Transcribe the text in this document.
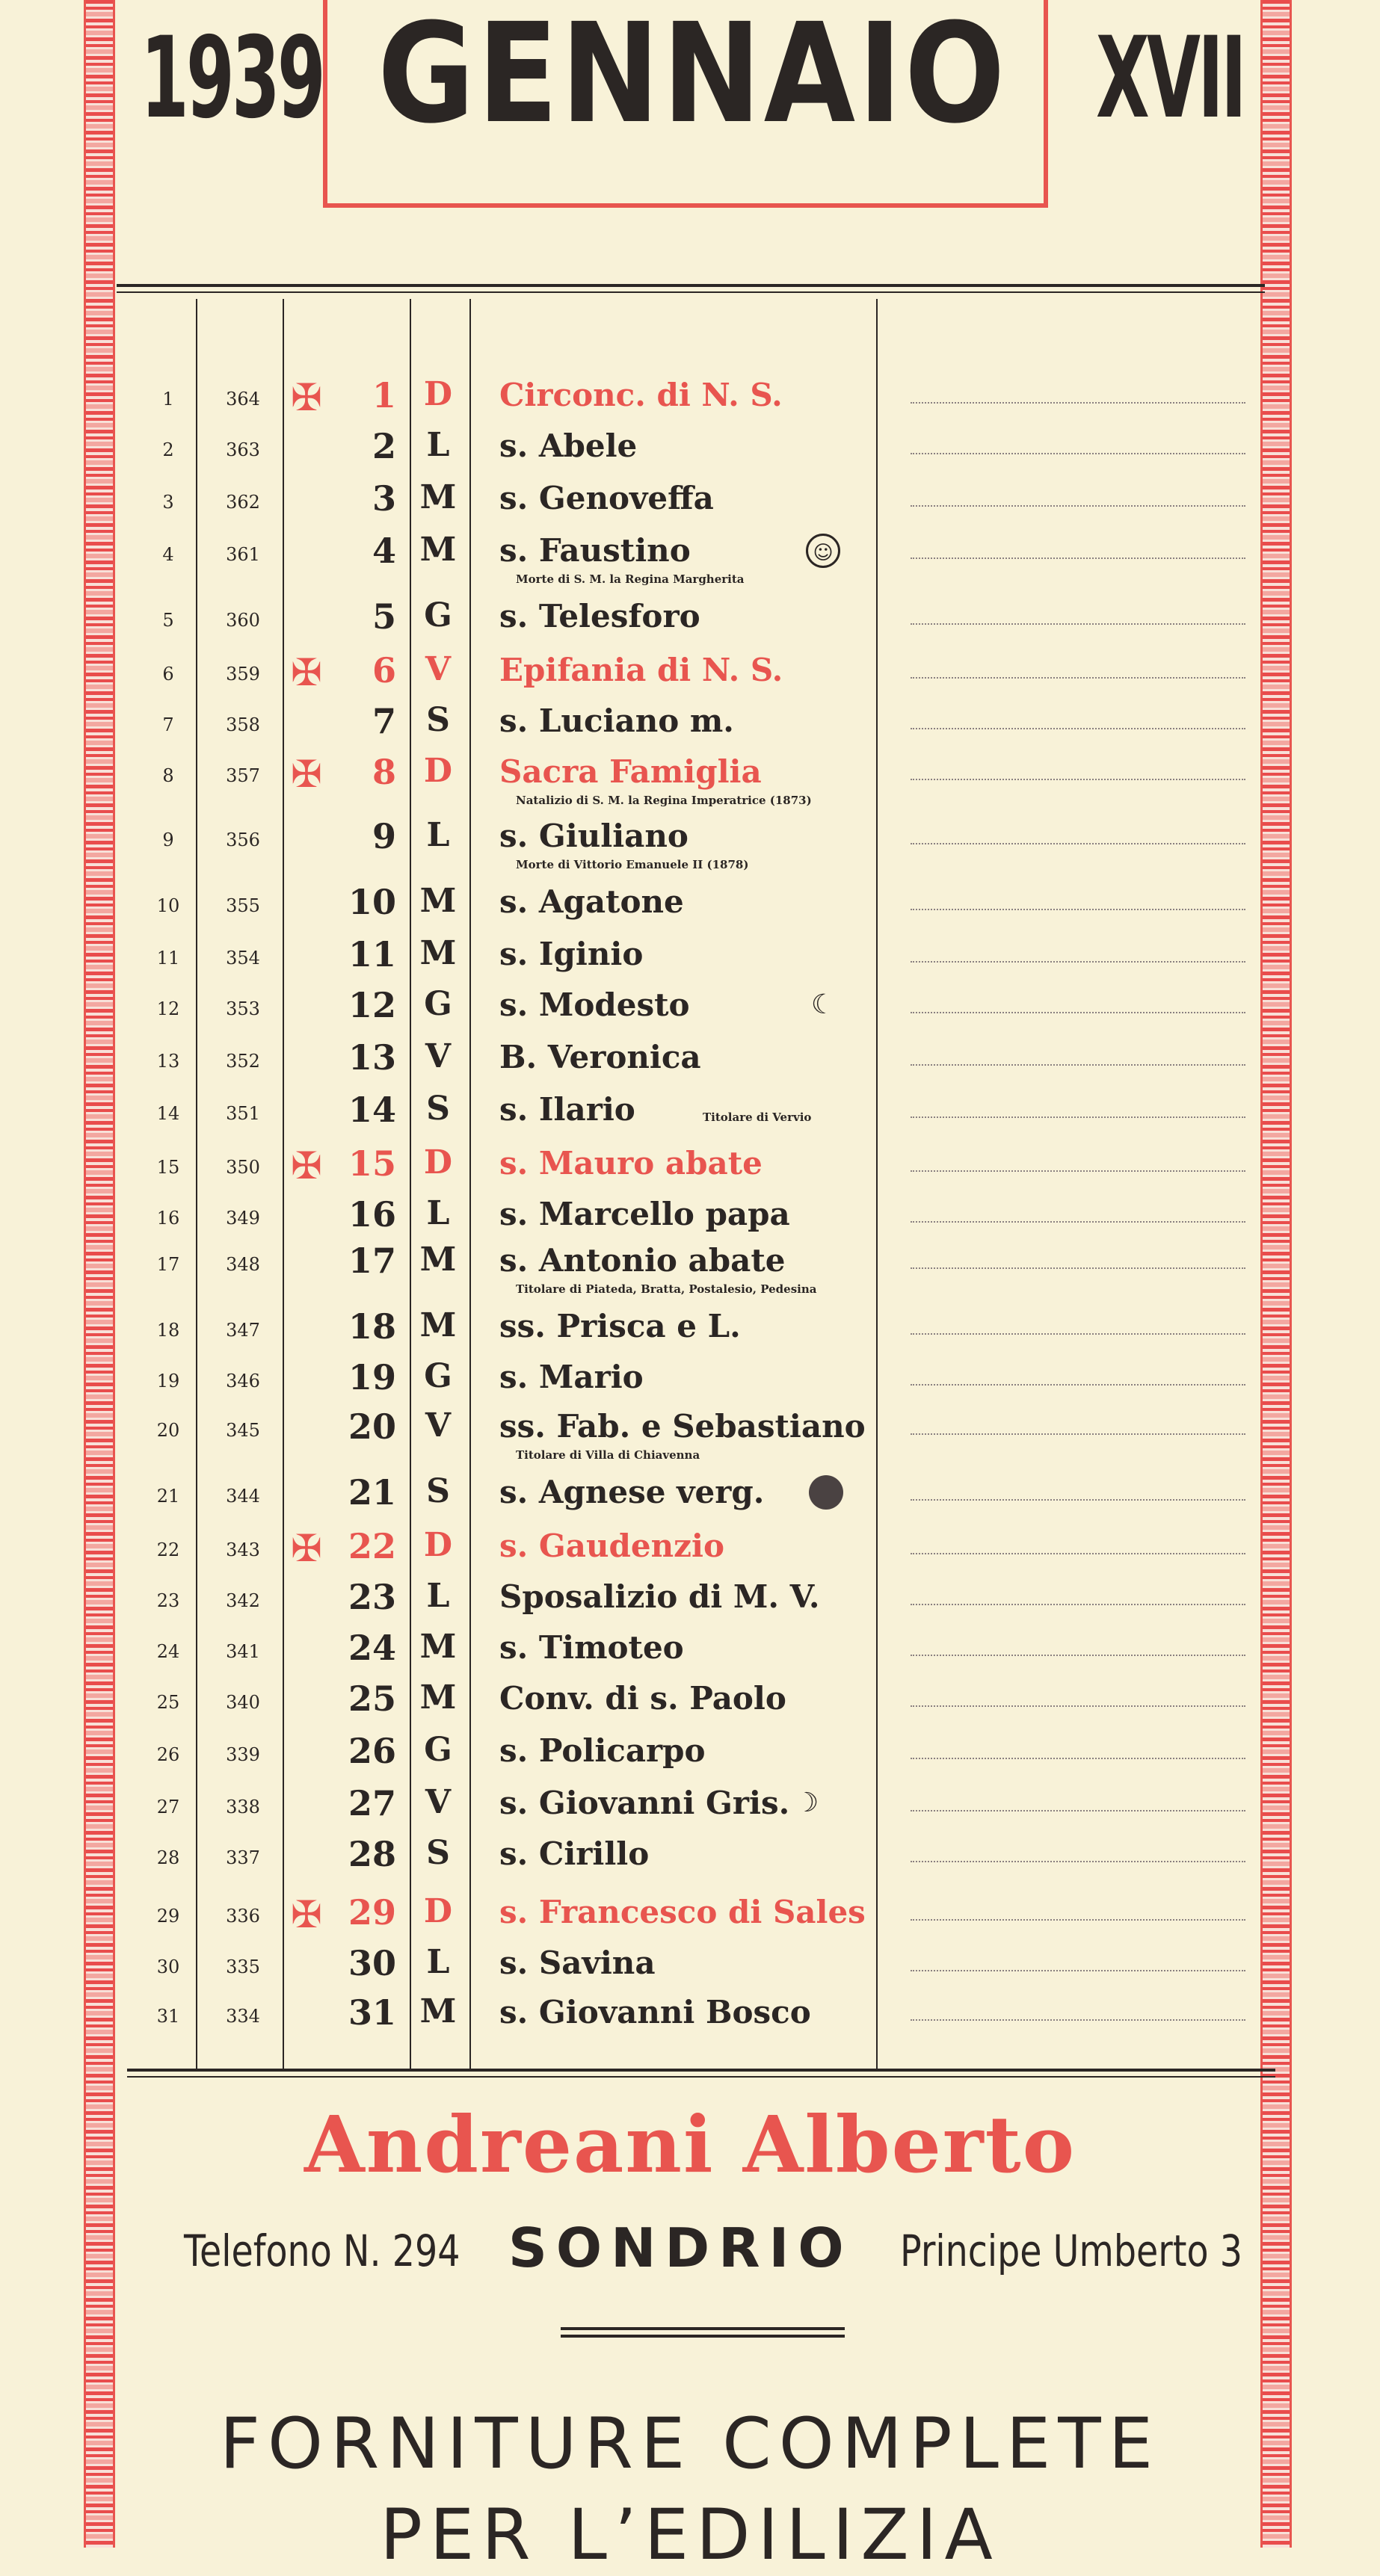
1939 GENNAIO XVII
1	364 ✠	1 D Circonc. di N. S.
2	363	2 L	s. Abele
3	362	3 M s. Genoveffa
4	361	4 M s. Faustino
Morte di S. M. la Regina Margherita
☺
5	360	5 G s. Telesforo
6	359 ✠	6 V	Epifania di N. S.
7	358	7 S	s. Luciano m.
8	357 ✠	8 D Sacra Famiglia
Natalizio di S. M. la Regina Imperatrice (1873)
9	356	9 L	s. Giuliano
Morte di Vittorio Emanuele II (1878)
10	355	10 M s. Agatone
11	354	11 M s. Iginio
12	353	12 G s. Modesto	☾
13	352	13 V	B. Veronica
14	351	14 S	s. Ilario	Titolare di Vervio
15	350 ✠ 15 D s. Mauro abate
16	349	16 L	s. Marcello papa
17	348	17 M s. Antonio abate
Titolare di Piateda, Bratta, Postalesio, Pedesina
18	347	18 M ss. Prisca e L.
19	346	19 G s. Mario
20	345	20 V	ss. Fab. e Sebastiano
Titolare di Villa di Chiavenna
21	344	21 S	s. Agnese verg.
22	343 ✠ 22 D s. Gaudenzio
23	342	23 L	Sposalizio di M. V.
24	341	24 M s. Timoteo
25	340	25 M Conv. di s. Paolo
26	339	26 G s. Policarpo
27	338	27 V	s. Giovanni Gris. ☽
28	337	28 S	s. Cirillo
29	336 ✠ 29 D s. Francesco di Sales
30	335	30 L	s. Savina
31	334	31 M s. Giovanni Bosco
Andreani Alberto
Telefono N. 294 SONDRIO Principe Umberto 3
FORNITURE COMPLETE
PER L’EDILIZIA
